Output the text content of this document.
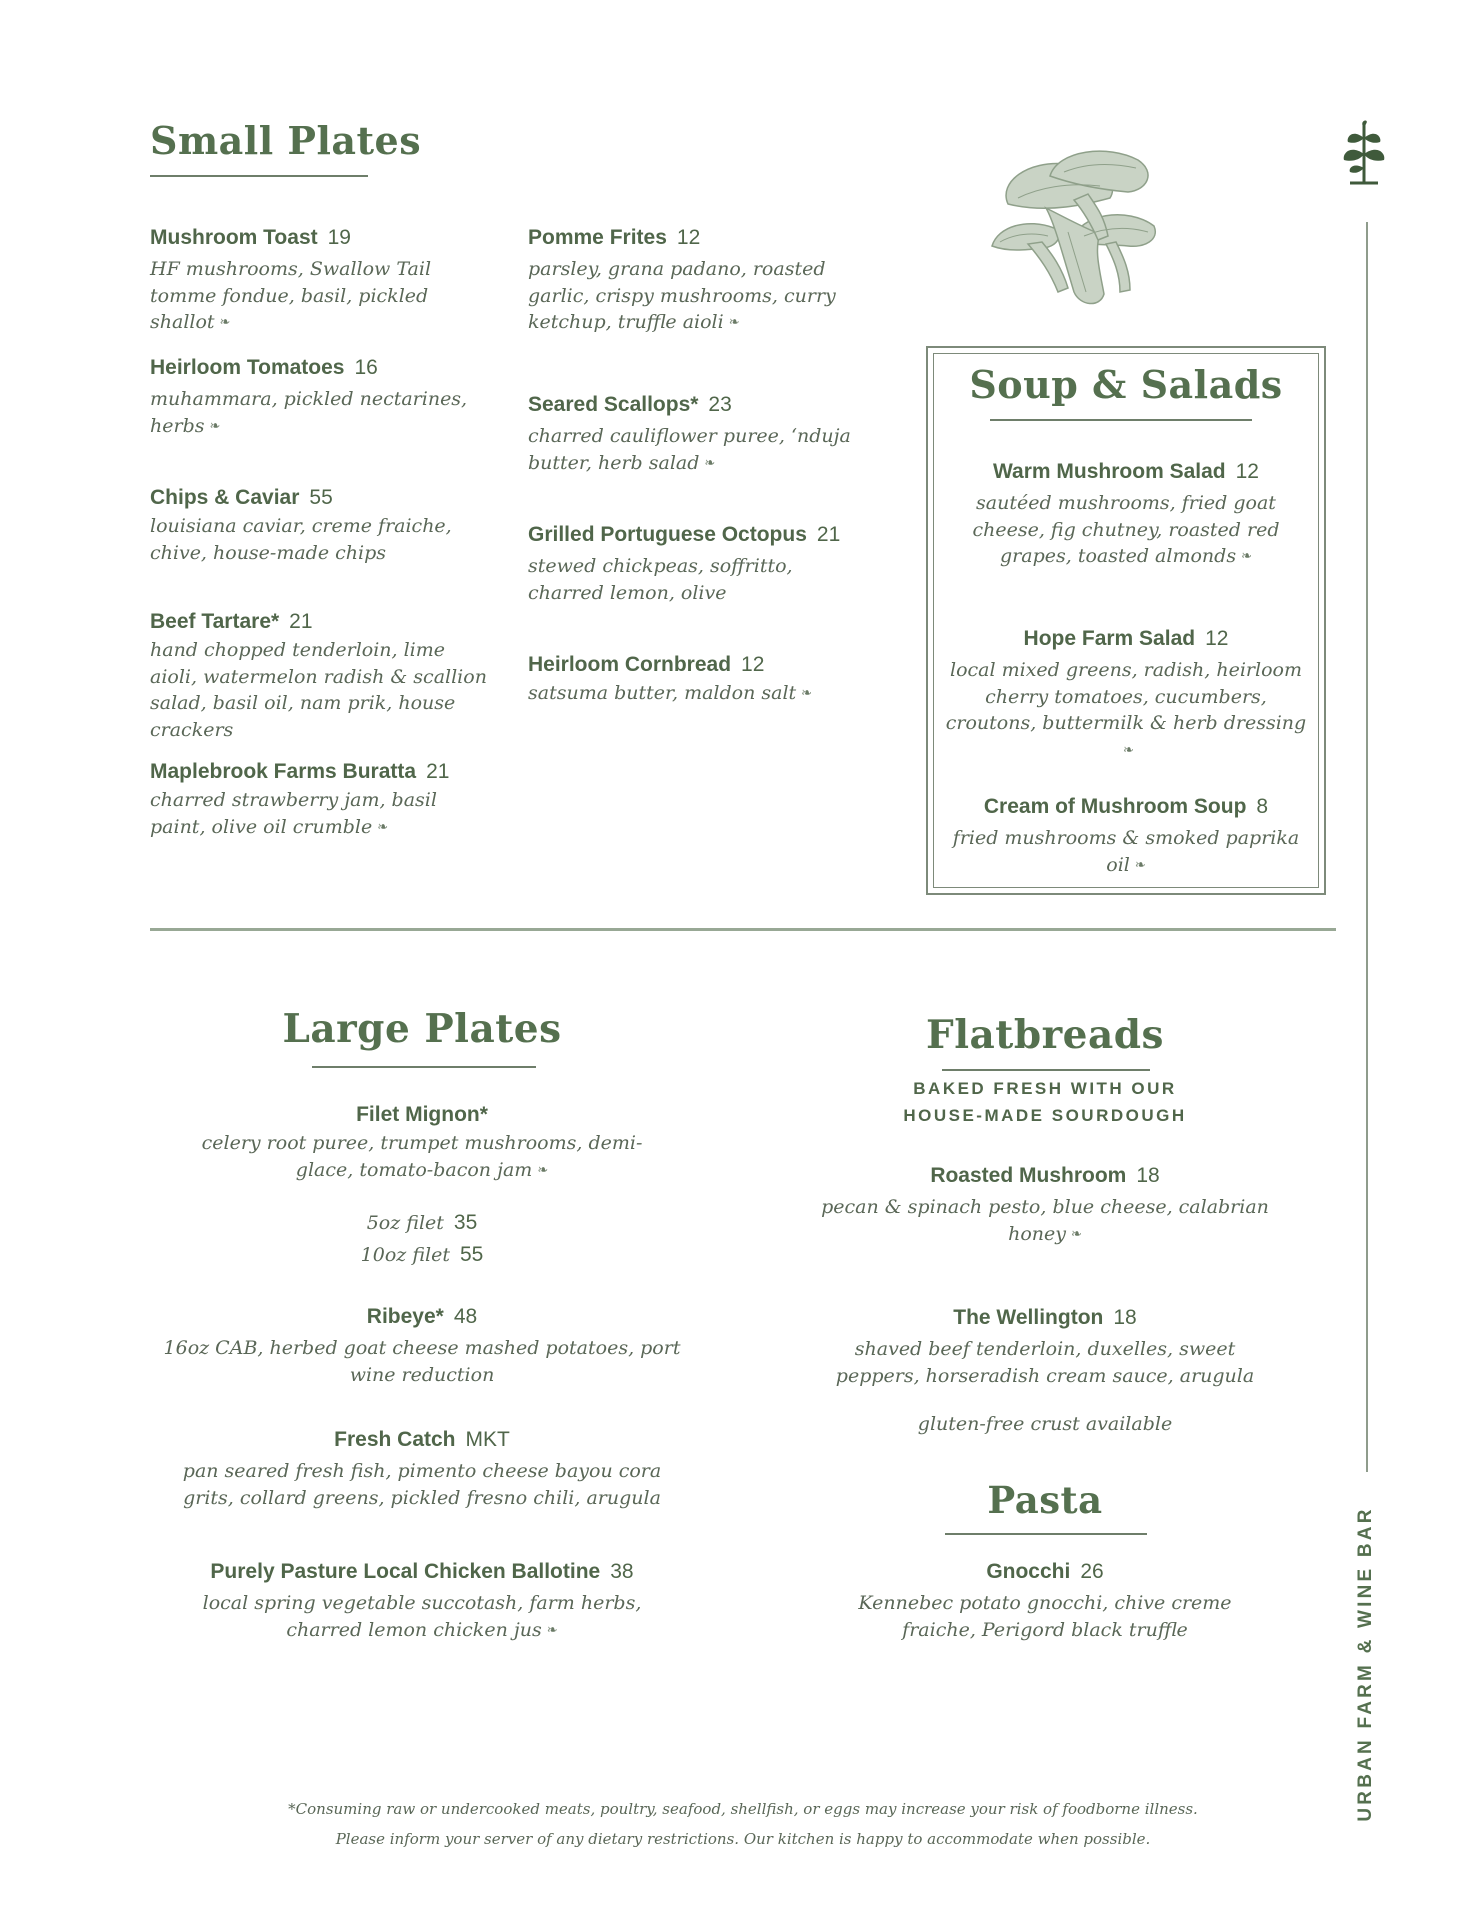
URBAN FARM & WINE BAR
Small Plates
Mushroom Toast 19
HF mushrooms, Swallow Tail tomme fondue, basil, pickled shallot ❧
Heirloom Tomatoes 16
muhammara, pickled nectarines, herbs ❧
Chips & Caviar 55
louisiana caviar, creme fraiche, chive, house-made chips
Beef Tartare* 21
hand chopped tenderloin, lime aioli, watermelon radish & scallion salad, basil oil, nam prik, house crackers
Maplebrook Farms Buratta 21
charred strawberry jam, basil paint, olive oil crumble ❧
Pomme Frites 12
parsley, grana padano, roasted garlic, crispy mushrooms, curry ketchup, truffle aioli ❧
Seared Scallops* 23
charred cauliflower puree, ‘nduja butter, herb salad ❧
Grilled Portuguese Octopus 21
stewed chickpeas, soffritto, charred lemon, olive
Heirloom Cornbread 12
satsuma butter, maldon salt ❧
Soup & Salads
Warm Mushroom Salad 12
sautéed mushrooms, fried goat cheese, fig chutney, roasted red grapes, toasted almonds ❧
Hope Farm Salad 12
local mixed greens, radish, heirloom cherry tomatoes, cucumbers, croutons, buttermilk & herb dressing❧
Cream of Mushroom Soup 8
fried mushrooms & smoked paprika oil ❧
Large Plates
Filet Mignon*
celery root puree, trumpet mushrooms, demi-glace, tomato-bacon jam ❧
5oz filet 35
10oz filet 55
Ribeye* 48
16oz CAB, herbed goat cheese mashed potatoes, port wine reduction
Fresh Catch MKT
pan seared fresh fish, pimento cheese bayou cora grits, collard greens, pickled fresno chili, arugula
Purely Pasture Local Chicken Ballotine 38
local spring vegetable succotash, farm herbs, charred lemon chicken jus ❧
Flatbreads
BAKED FRESH WITH OUR
HOUSE-MADE SOURDOUGH
Roasted Mushroom 18
pecan & spinach pesto, blue cheese, calabrian honey ❧
The Wellington 18
shaved beef tenderloin, duxelles, sweet peppers, horseradish cream sauce, arugula
gluten-free crust available
Pasta
Gnocchi 26
Kennebec potato gnocchi, chive creme fraiche, Perigord black truffle
*Consuming raw or undercooked meats, poultry, seafood, shellfish, or eggs may increase your risk of foodborne illness.
Please inform your server of any dietary restrictions. Our kitchen is happy to accommodate when possible.
